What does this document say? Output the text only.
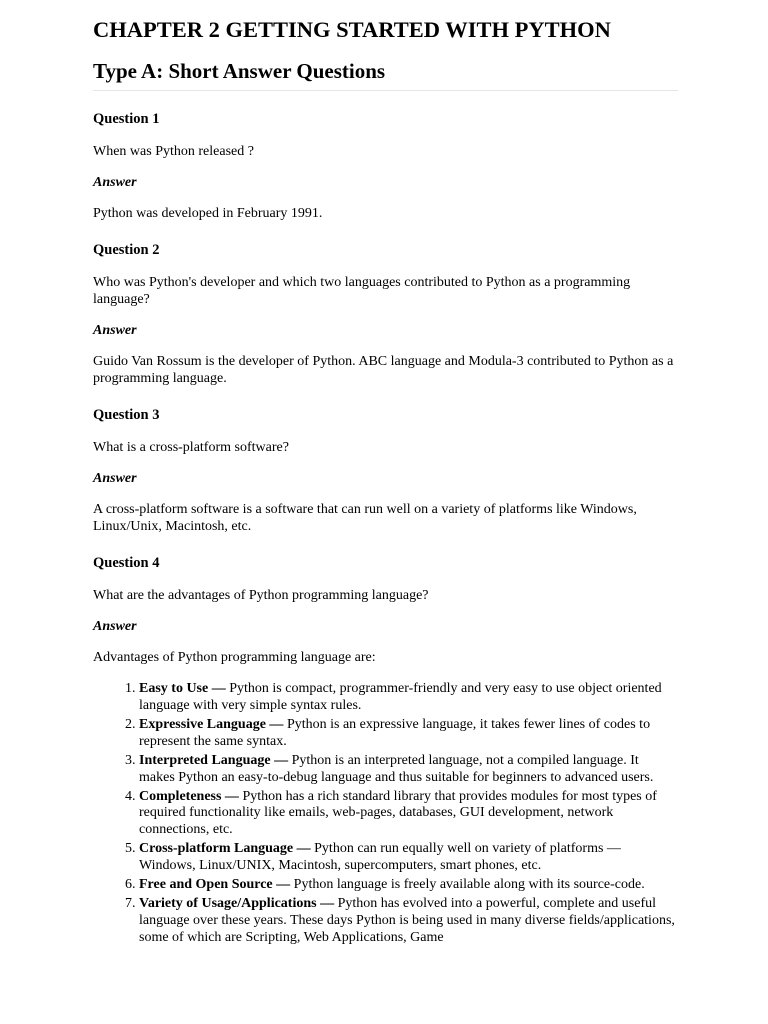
CHAPTER 2 GETTING STARTED WITH PYTHON
Type A: Short Answer Questions

Question 1

When was Python released ?

Answer

Python was developed in February 1991.

Question 2

Who was Python's developer and which two languages contributed to Python as a programming language?

Answer

Guido Van Rossum is the developer of Python. ABC language and Modula-3 contributed to Python as a programming language.

Question 3

What is a cross-platform software?

Answer

A cross-platform software is a software that can run well on a variety of platforms like Windows, Linux/Unix, Macintosh, etc.

Question 4

What are the advantages of Python programming language?

Answer

Advantages of Python programming language are:

1. Easy to Use — Python is compact, programmer-friendly and very easy to use object oriented language with very simple syntax rules.
2. Expressive Language — Python is an expressive language, it takes fewer lines of codes to represent the same syntax.
3. Interpreted Language — Python is an interpreted language, not a compiled language. It makes Python an easy-to-debug language and thus suitable for beginners to advanced users.
4. Completeness — Python has a rich standard library that provides modules for most types of required functionality like emails, web-pages, databases, GUI development, network connections, etc.
5. Cross-platform Language — Python can run equally well on variety of platforms — Windows, Linux/UNIX, Macintosh, supercomputers, smart phones, etc.
6. Free and Open Source — Python language is freely available along with its source-code.
7. Variety of Usage/Applications — Python has evolved into a powerful, complete and useful language over these years. These days Python is being used in many diverse fields/applications, some of which are Scripting, Web Applications, Game
